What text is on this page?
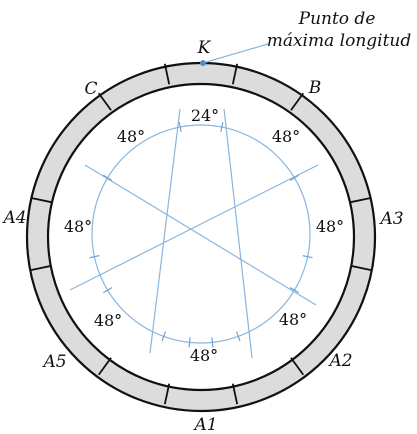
Punto de
máxima longitud
K
B
A3
A2
A1
A5
A4
C
24°
48°
48°
48°
48°
48°
48°
48°
